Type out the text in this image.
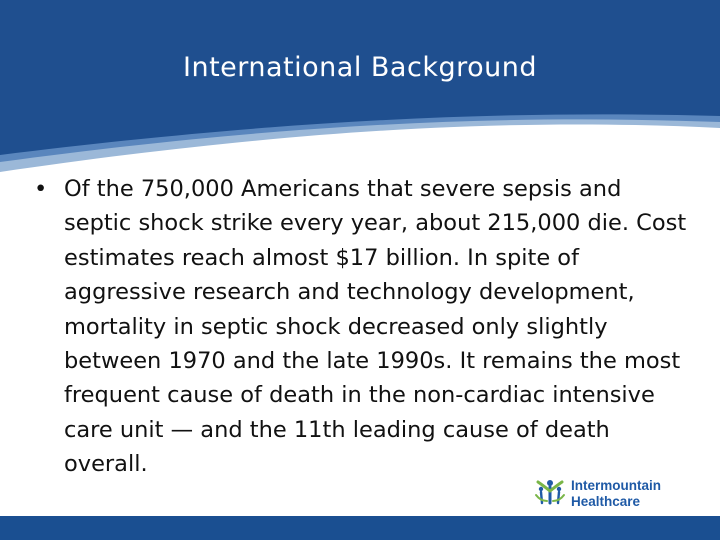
International Background
• Of the 750,000 Americans that severe sepsis and septic shock strike every year, about 215,000 die. Cost estimates reach almost $17 billion. In spite of aggressive research and technology development, mortality in septic shock decreased only slightly between 1970 and the late 1990s. It remains the most frequent cause of death in the non-cardiac intensive care unit — and the 11th leading cause of death overall.
Intermountain
Healthcare
